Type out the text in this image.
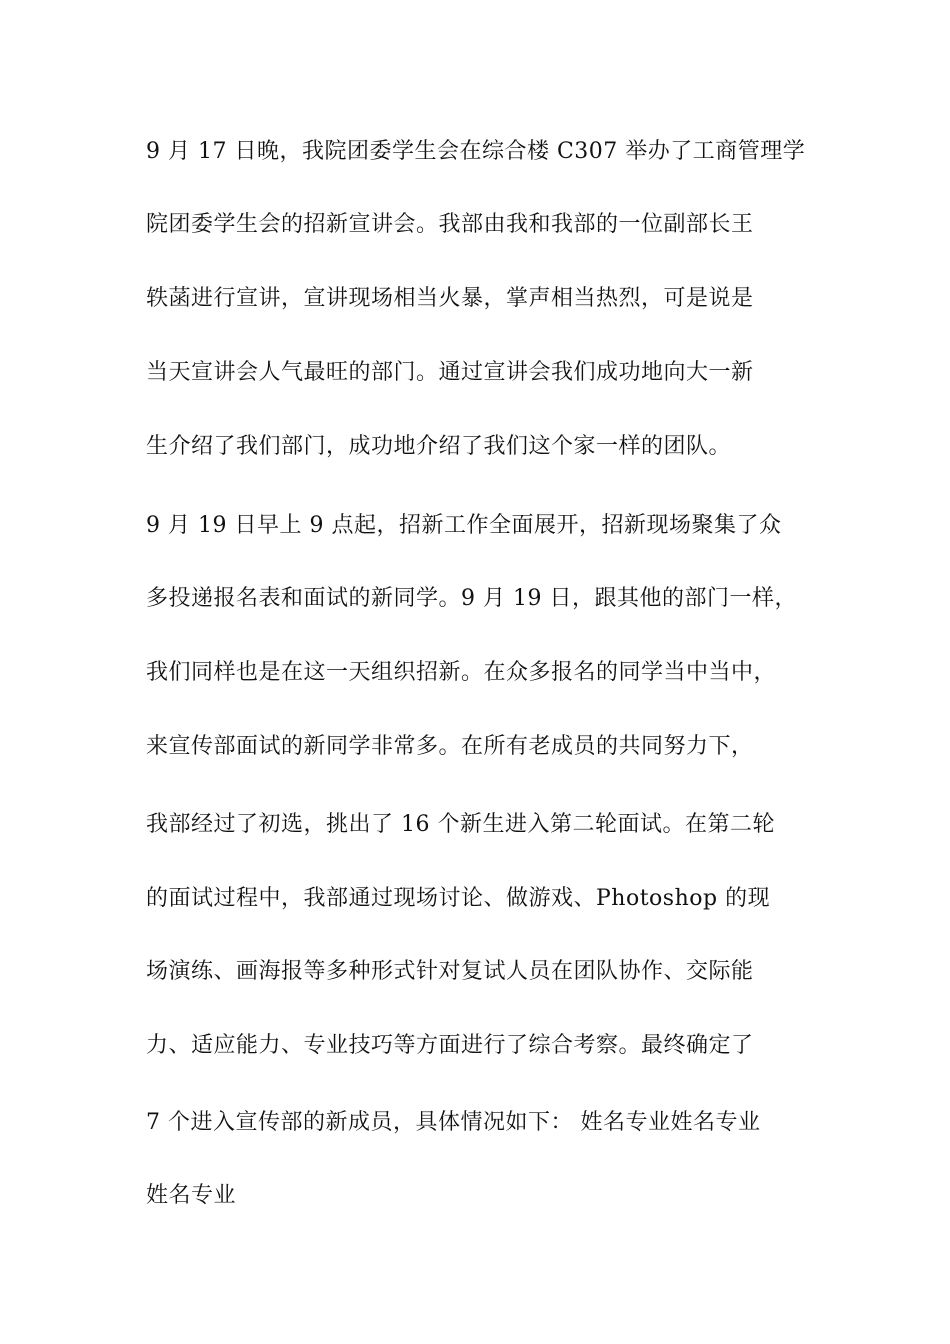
9 月 17 日晚，我院团委学生会在综合楼 C307 举办了工商管理学
院团委学生会的招新宣讲会。我部由我和我部的一位副部长王
轶菡进行宣讲，宣讲现场相当火暴，掌声相当热烈，可是说是
当天宣讲会人气最旺的部门。通过宣讲会我们成功地向大一新
生介绍了我们部门，成功地介绍了我们这个家一样的团队。
9 月 19 日早上 9 点起，招新工作全面展开，招新现场聚集了众
多投递报名表和面试的新同学。9 月 19 日，跟其他的部门一样，
我们同样也是在这一天组织招新。在众多报名的同学当中当中，
来宣传部面试的新同学非常多。在所有老成员的共同努力下，
我部经过了初选，挑出了 16 个新生进入第二轮面试。在第二轮
的面试过程中，我部通过现场讨论、做游戏、Photoshop 的现
场演练、画海报等多种形式针对复试人员在团队协作、交际能
力、适应能力、专业技巧等方面进行了综合考察。最终确定了
7 个进入宣传部的新成员，具体情况如下： 姓名专业姓名专业
姓名专业
